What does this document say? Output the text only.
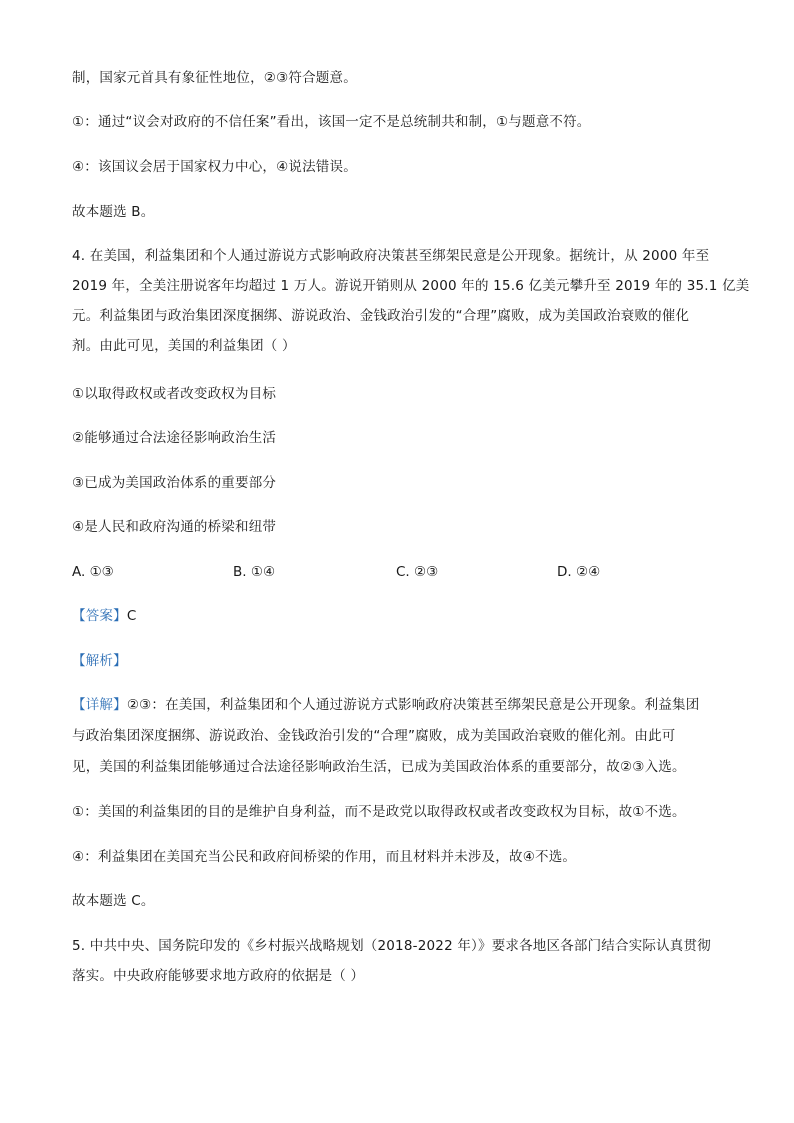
制，国家元首具有象征性地位，②③符合题意。
①：通过“议会对政府的不信任案”看出，该国一定不是总统制共和制，①与题意不符。
④：该国议会居于国家权力中心，④说法错误。
故本题选 B。
4. 在美国，利益集团和个人通过游说方式影响政府决策甚至绑架民意是公开现象。据统计，从 2000 年至
2019 年，全美注册说客年均超过 1 万人。游说开销则从 2000 年的 15.6 亿美元攀升至 2019 年的 35.1 亿美
元。利益集团与政治集团深度捆绑、游说政治、金钱政治引发的“合理”腐败，成为美国政治衰败的催化
剂。由此可见，美国的利益集团（ ）
①以取得政权或者改变政权为目标
②能够通过合法途径影响政治生活
③已成为美国政治体系的重要部分
④是人民和政府沟通的桥梁和纽带
A. ①③	B. ①④	C. ②③	D. ②④
【答案】C
【解析】
【详解】②③：在美国，利益集团和个人通过游说方式影响政府决策甚至绑架民意是公开现象。利益集团
与政治集团深度捆绑、游说政治、金钱政治引发的“合理”腐败，成为美国政治衰败的催化剂。由此可
见，美国的利益集团能够通过合法途径影响政治生活，已成为美国政治体系的重要部分，故②③入选。
①：美国的利益集团的目的是维护自身利益，而不是政党以取得政权或者改变政权为目标，故①不选。
④：利益集团在美国充当公民和政府间桥梁的作用，而且材料并未涉及，故④不选。
故本题选 C。
5. 中共中央、国务院印发的《乡村振兴战略规划（2018-2022 年）》要求各地区各部门结合实际认真贯彻
落实。中央政府能够要求地方政府的依据是（ ）
